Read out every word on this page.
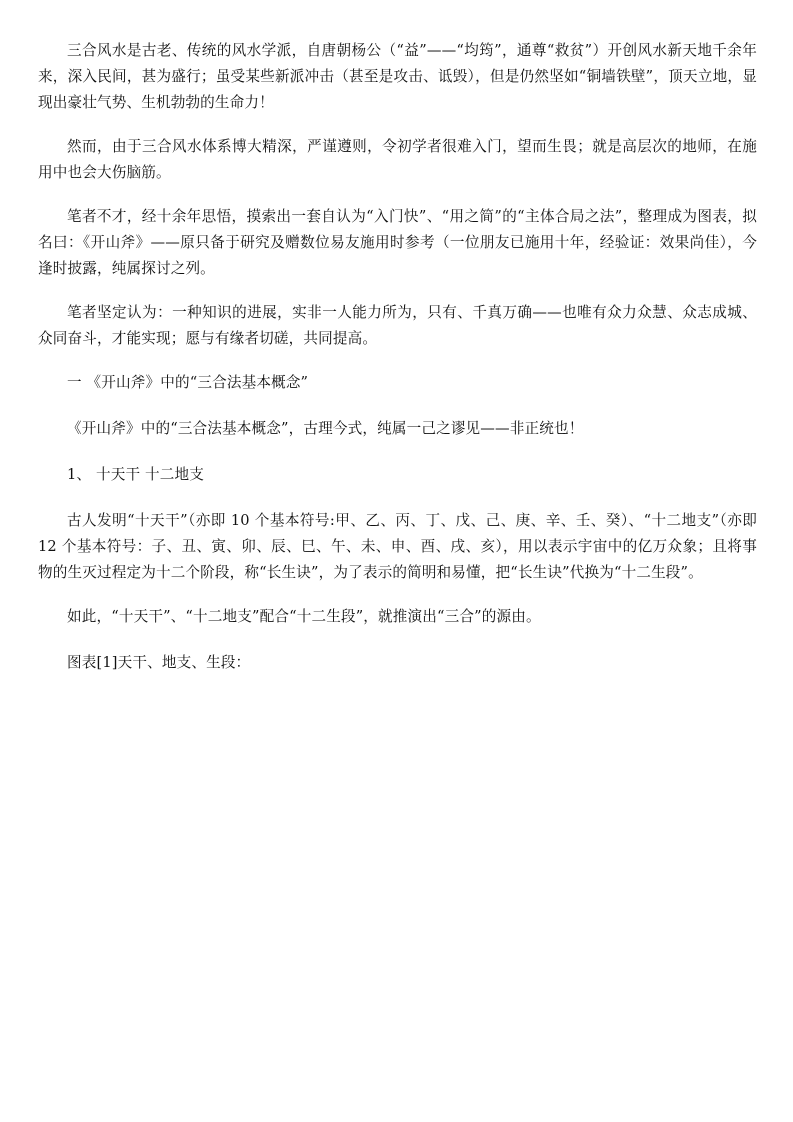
三合风水是古老、传统的风水学派，自唐朝杨公（“益”——“均筠”，通尊“救贫”）开创风水新天地千余年来，深入民间，甚为盛行；虽受某些新派冲击（甚至是攻击、诋毁），但是仍然坚如“铜墙铁壁”，顶天立地，显现出豪壮气势、生机勃勃的生命力！

然而，由于三合风水体系博大精深，严谨遵则，令初学者很难入门，望而生畏；就是高层次的地师，在施用中也会大伤脑筋。

笔者不才，经十余年思悟，摸索出一套自认为“入门快”、“用之简”的“主体合局之法”，整理成为图表，拟名曰：《开山斧》——原只备于研究及赠数位易友施用时参考（一位朋友已施用十年，经验证：效果尚佳），今逢时披露，纯属探讨之列。

笔者坚定认为：一种知识的进展，实非一人能力所为，只有、千真万确——也唯有众力众慧、众志成城、众同奋斗，才能实现；愿与有缘者切磋，共同提高。

一 《开山斧》中的“三合法基本概念”

《开山斧》中的“三合法基本概念”，古理今式，纯属一己之谬见——非正统也！

1、 十天干 十二地支

古人发明“十天干”（亦即 10 个基本符号:甲、乙、丙、丁、戊、己、庚、辛、壬、癸）、“十二地支”（亦即 12 个基本符号：子、丑、寅、卯、辰、巳、午、未、申、酉、戌、亥），用以表示宇宙中的亿万众象；且将事物的生灭过程定为十二个阶段，称“长生诀”，为了表示的简明和易懂，把“长生诀”代换为“十二生段”。

如此，“十天干”、“十二地支”配合“十二生段”，就推演出“三合”的源由。

图表[1]天干、地支、生段：
